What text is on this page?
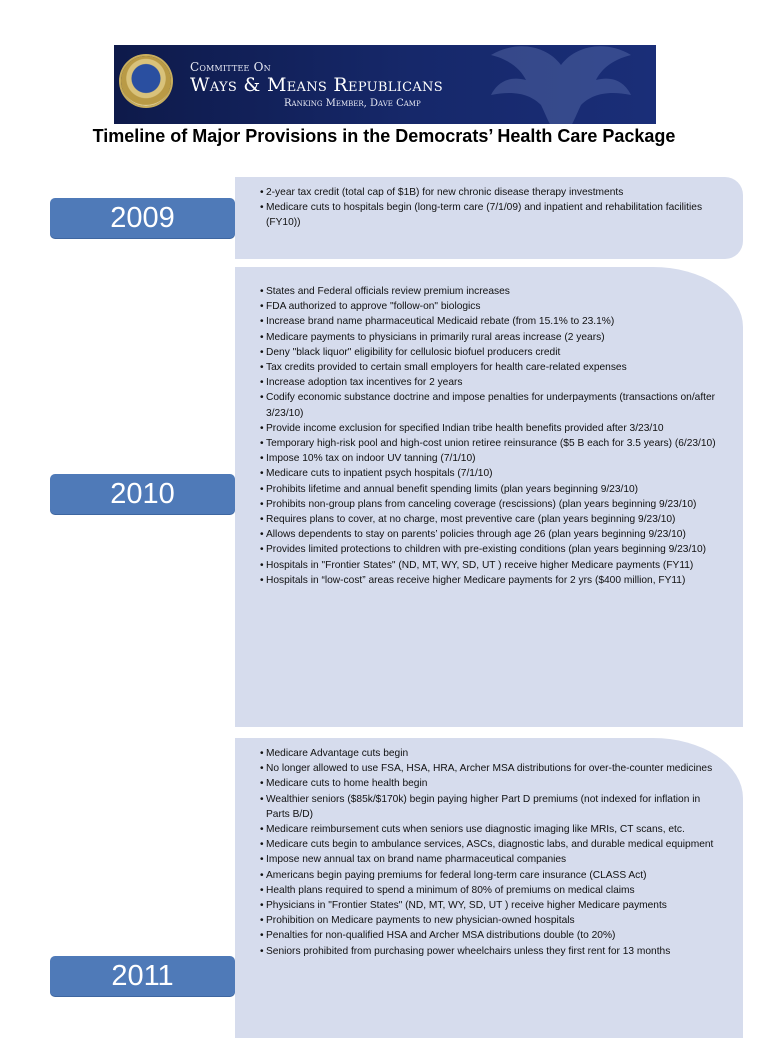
Committee On
Ways & Means Republicans
Ranking Member, Dave Camp
Timeline of Major Provisions in the Democrats’ Health Care Package
2009
• 2-year tax credit (total cap of $1B) for new chronic disease therapy investments
• Medicare cuts to hospitals begin (long-term care (7/1/09) and inpatient and rehabilitation facilities (FY10))
2010
• States and Federal officials review premium increases
• FDA authorized to approve "follow-on" biologics
• Increase brand name pharmaceutical Medicaid rebate (from 15.1% to 23.1%)
• Medicare payments to physicians in primarily rural areas increase (2 years)
• Deny "black liquor" eligibility for cellulosic biofuel producers credit
• Tax credits provided to certain small employers for health care-related expenses
• Increase adoption tax incentives for 2 years
• Codify economic substance doctrine and impose penalties for underpayments (transactions on/after 3/23/10)
• Provide income exclusion for specified Indian tribe health benefits provided after 3/23/10
• Temporary high-risk pool and high-cost union retiree reinsurance ($5 B each for 3.5 years) (6/23/10)
• Impose 10% tax on indoor UV tanning (7/1/10)
• Medicare cuts to inpatient psych hospitals (7/1/10)
• Prohibits lifetime and annual benefit spending limits (plan years beginning 9/23/10)
• Prohibits non-group plans from canceling coverage (rescissions) (plan years beginning 9/23/10)
• Requires plans to cover, at no charge, most preventive care (plan years beginning 9/23/10)
• Allows dependents to stay on parents’ policies through age 26 (plan years beginning 9/23/10)
• Provides limited protections to children with pre-existing conditions (plan years beginning 9/23/10)
• Hospitals in "Frontier States" (ND, MT, WY, SD, UT ) receive higher Medicare payments (FY11)
• Hospitals in “low-cost” areas receive higher Medicare payments for 2 yrs ($400 million, FY11)
2011
• Medicare Advantage cuts begin
• No longer allowed to use FSA, HSA, HRA, Archer MSA distributions for over-the-counter medicines
• Medicare cuts to home health begin
• Wealthier seniors ($85k/$170k) begin paying higher Part D premiums (not indexed for inflation in Parts B/D)
• Medicare reimbursement cuts when seniors use diagnostic imaging like MRIs, CT scans, etc.
• Medicare cuts begin to ambulance services, ASCs, diagnostic labs, and durable medical equipment
• Impose new annual tax on brand name pharmaceutical companies
• Americans begin paying premiums for federal long-term care insurance (CLASS Act)
• Health plans required to spend a minimum of 80% of premiums on medical claims
• Physicians in "Frontier States" (ND, MT, WY, SD, UT ) receive higher Medicare payments
• Prohibition on Medicare payments to new physician-owned hospitals
• Penalties for non-qualified HSA and Archer MSA distributions double (to 20%)
• Seniors prohibited from purchasing power wheelchairs unless they first rent for 13 months
